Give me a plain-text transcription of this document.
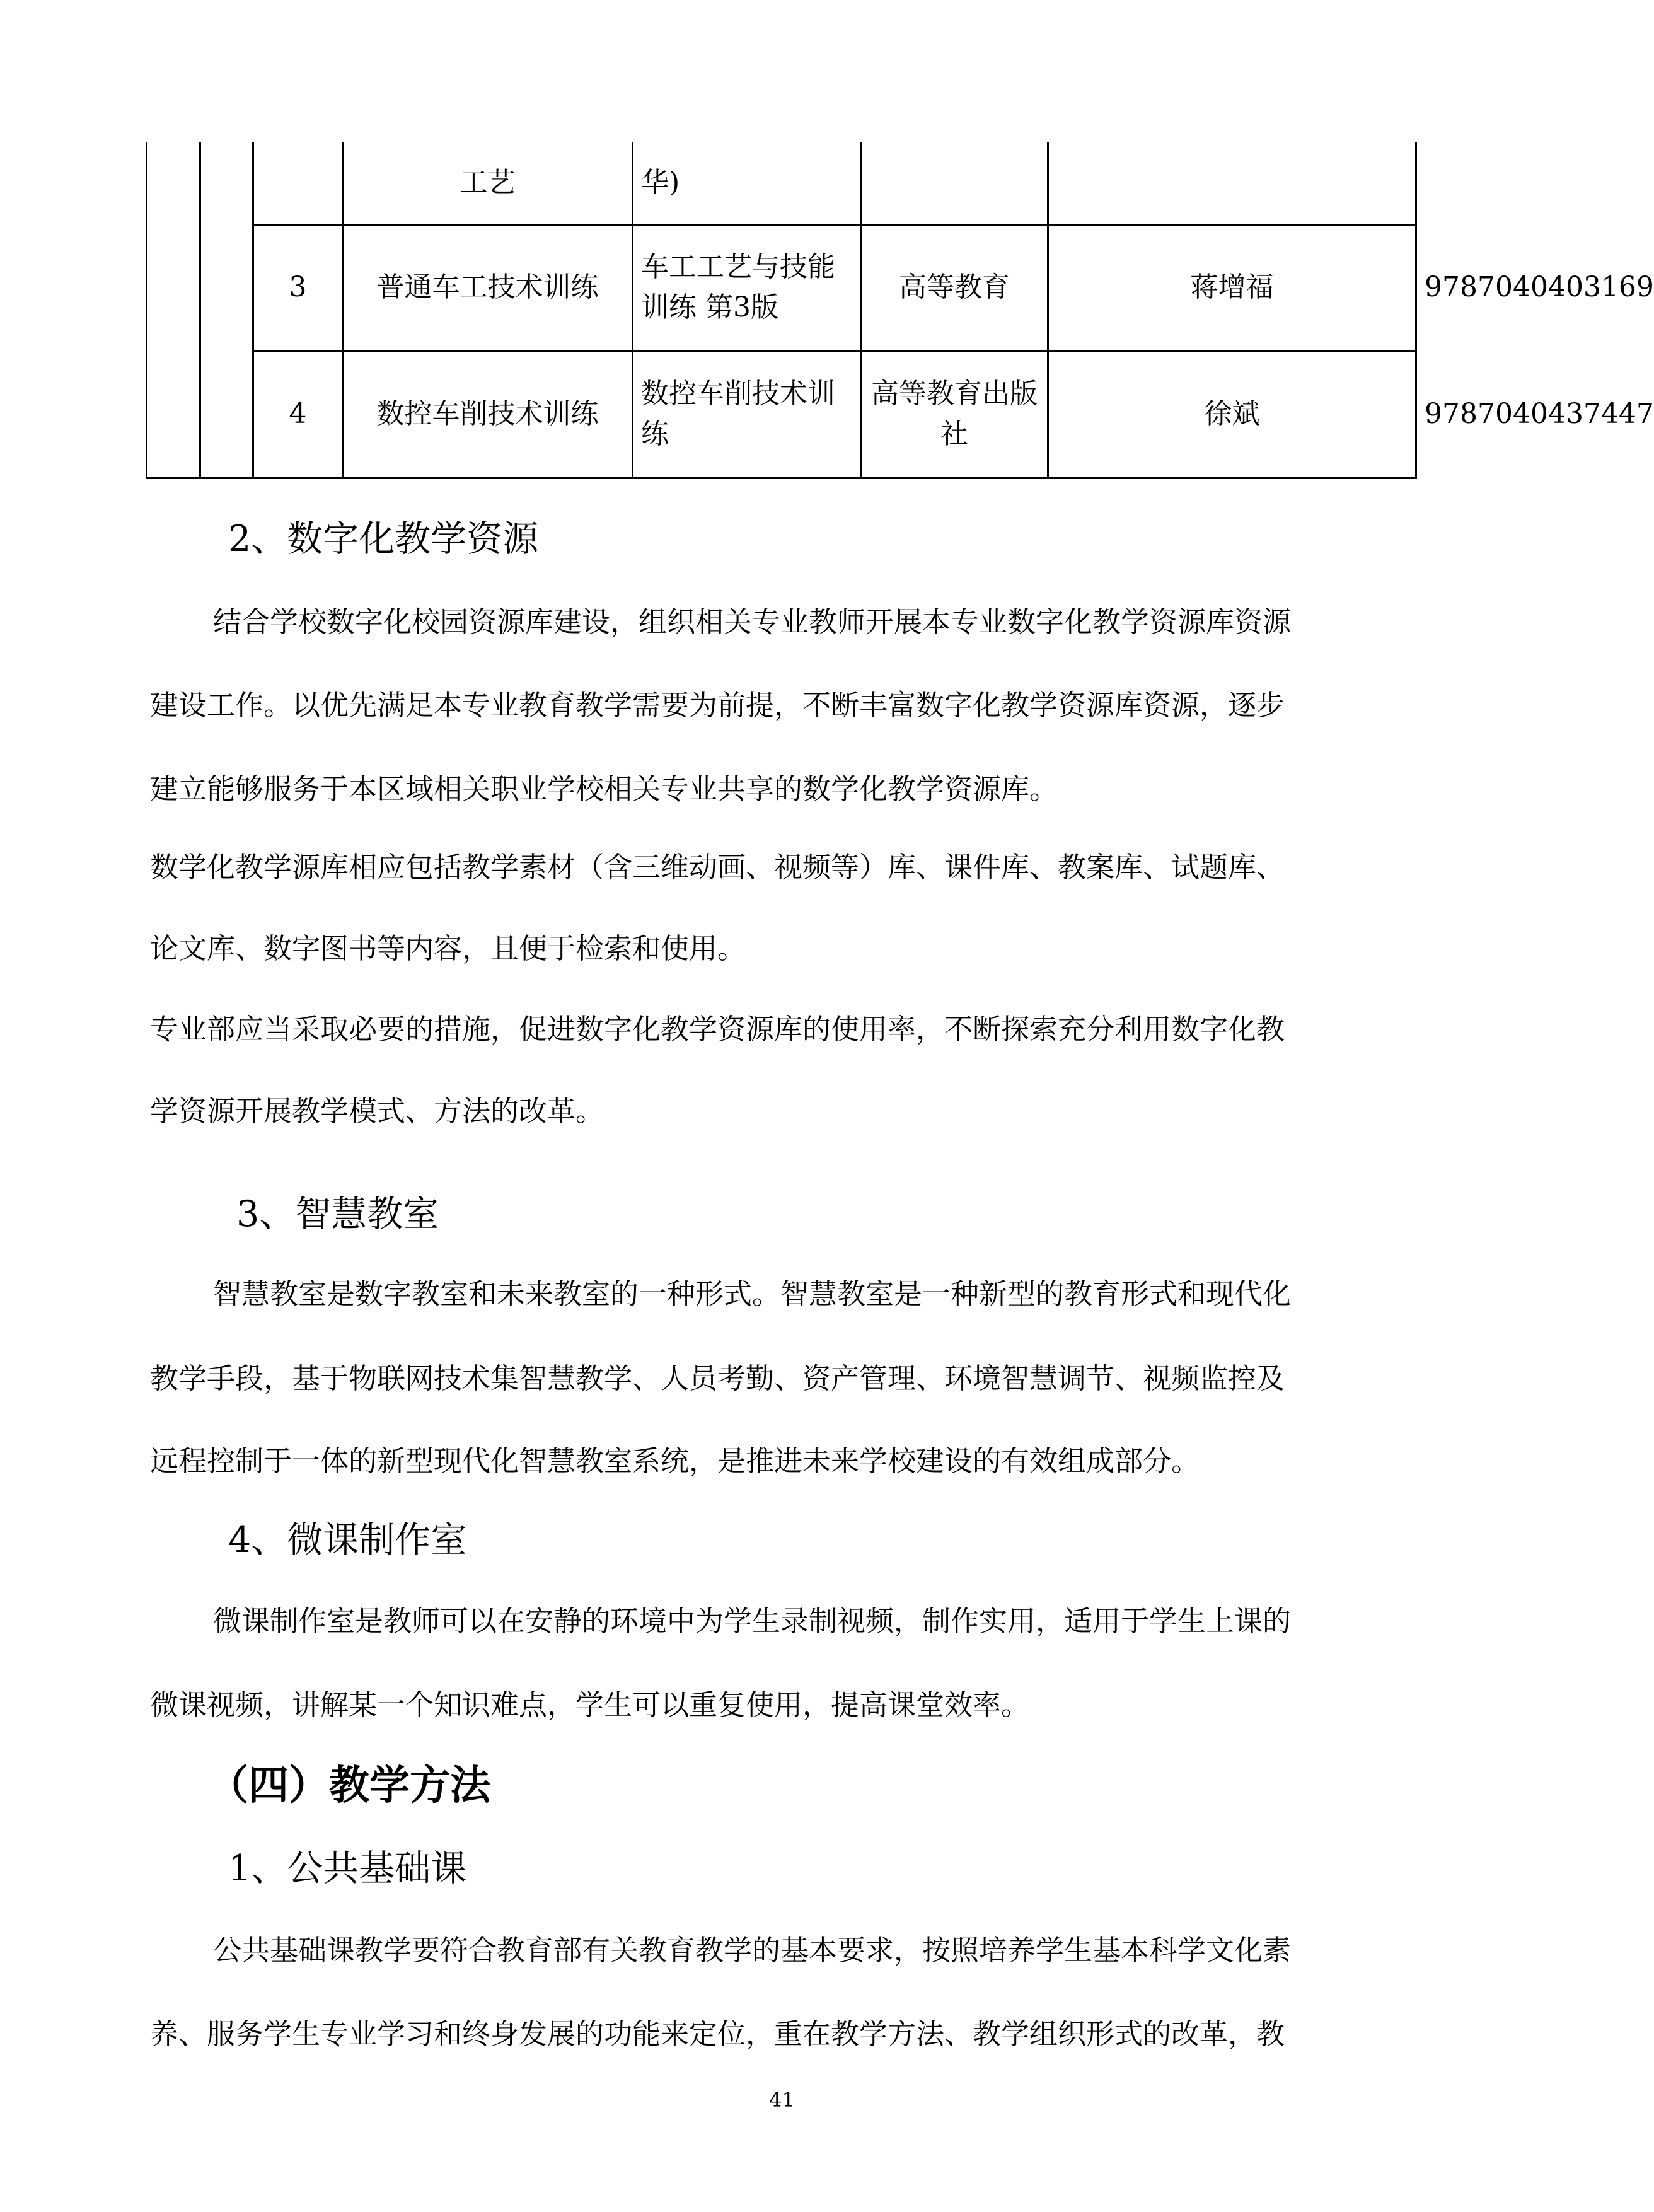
			工艺	华)			
		3	普通车工技术训练	车工工艺与技能训练 第3版	高等教育	蒋增福	9787040403169
		4	数控车削技术训练	数控车削技术训练	高等教育出版社	徐斌	9787040437447
2、数字化教学资源
结合学校数字化校园资源库建设，组织相关专业教师开展本专业数字化教学资源库资源
建设工作。以优先满足本专业教育教学需要为前提，不断丰富数字化教学资源库资源，逐步
建立能够服务于本区域相关职业学校相关专业共享的数学化教学资源库。
数学化教学源库相应包括教学素材（含三维动画、视频等）库、课件库、教案库、试题库、
论文库、数字图书等内容，且便于检索和使用。
专业部应当采取必要的措施，促进数字化教学资源库的使用率，不断探索充分利用数字化教
学资源开展教学模式、方法的改革。
3、智慧教室
智慧教室是数字教室和未来教室的一种形式。智慧教室是一种新型的教育形式和现代化
教学手段，基于物联网技术集智慧教学、人员考勤、资产管理、环境智慧调节、视频监控及
远程控制于一体的新型现代化智慧教室系统，是推进未来学校建设的有效组成部分。
4、微课制作室
微课制作室是教师可以在安静的环境中为学生录制视频，制作实用，适用于学生上课的
微课视频，讲解某一个知识难点，学生可以重复使用，提高课堂效率。
（四）教学方法
1、公共基础课
公共基础课教学要符合教育部有关教育教学的基本要求，按照培养学生基本科学文化素
养、服务学生专业学习和终身发展的功能来定位，重在教学方法、教学组织形式的改革，教
41
